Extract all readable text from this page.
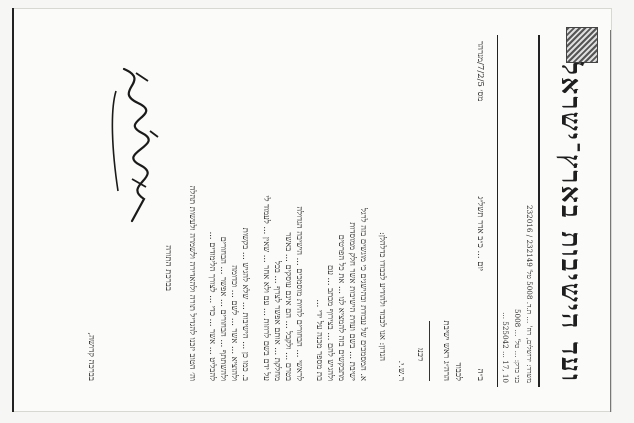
ועד הישיבות בארץ־ישראל
משרד: ירושלים, רח' ... ת.ד. 5008 טל' 232149 / 232016
בני ברק: ... טל' ... 5008
... 525042 ... 17, 10
מס׳ 7/2/5/מנרהר
יום ... כ״ב אדר תשל״ג
ב״ה
לכבוד
הרה״ג ראש ישיבת
רבנו
ר.ש.י.
הנדון: אנו לכבוד ולהודיע לכבודו כדלהלן:
א. המסמכים של עבודת ובהישגים כי מוגשים בזה לרגל
ישיבת ... בשם ועדת הישיבות אשר חלק ממוסדות
מתבקשים בזה להמציא לנו ... את כל הפרטים
ולהגיש להם ... בצירוף מכתב ... עם
בת מספר מכנה על ידי ...
לראשי ... הבחורים להיות מוסמכים ... הישיבה הגדולה
בטרם ... ולקבל ... הם אינם עוסקים ... באשר
מחלקת ... אותם אפשר לצרף ... בכל
על ידם בשם לרוזות ... עם ולא אחר ... שאין ... לעמוד לי
ב. כמו כן ... הישיבות ... שלא להגיש ... בקשות
ולהוציא ... אשר ... לשם ... וכדומה
ולהשתתף ... הבחורים ... אפשר ... הבחורים
להבליט ... אשר ... כדי ... לצורך הלימודים ...
וה׳ הטוב יזכנו להגדיל תורה ולהאדירה ולשמרה ולעשות תהלה
בברכת התורה
בברכה קדושה,
